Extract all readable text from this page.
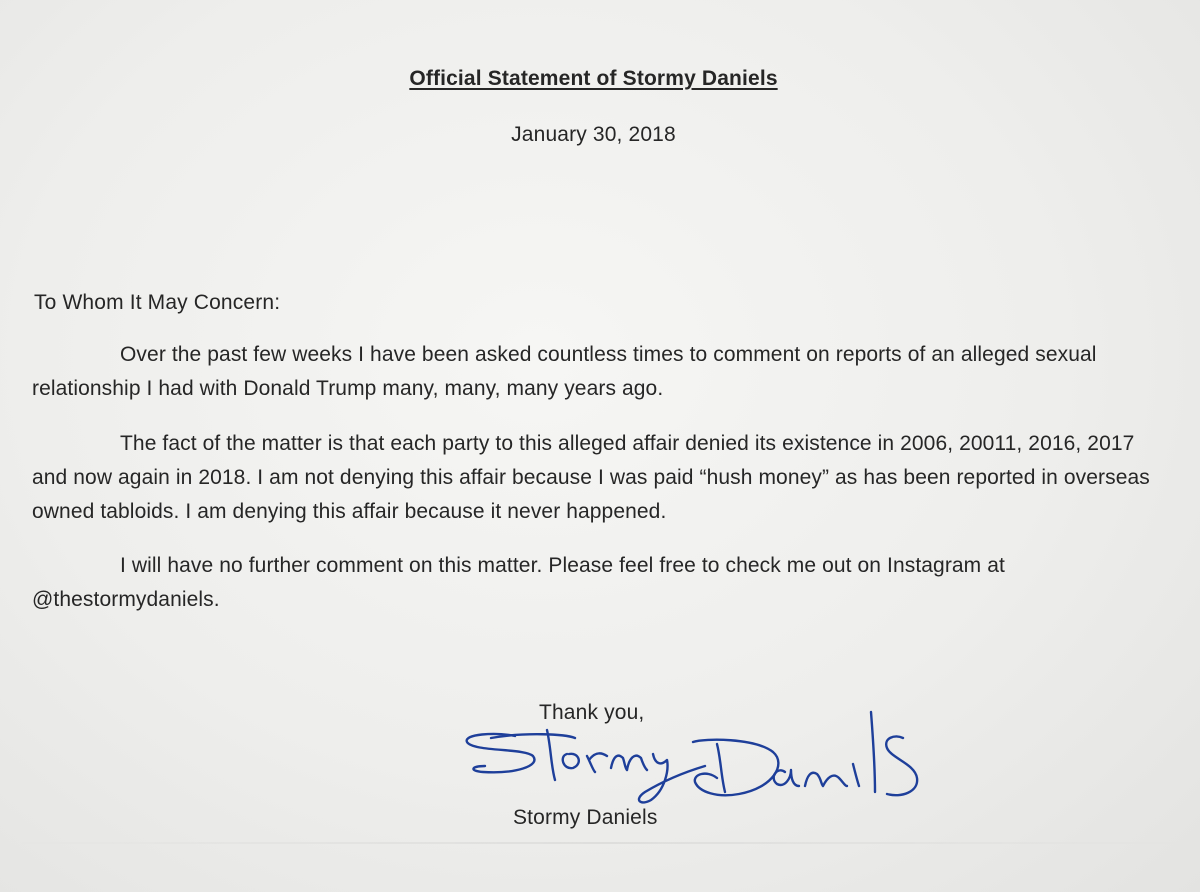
Official Statement of Stormy Daniels
January 30, 2018
To Whom It May Concern:
Over the past few weeks I have been asked countless times to comment on reports of an alleged sexual relationship I had with Donald Trump many, many, many years ago.
The fact of the matter is that each party to this alleged affair denied its existence in 2006, 20011, 2016, 2017 and now again in 2018. I am not denying this affair because I was paid “hush money” as has been reported in overseas owned tabloids. I am denying this affair because it never happened.
I will have no further comment on this matter. Please feel free to check me out on Instagram at @thestormydaniels.
Thank you,
Stormy Daniels
